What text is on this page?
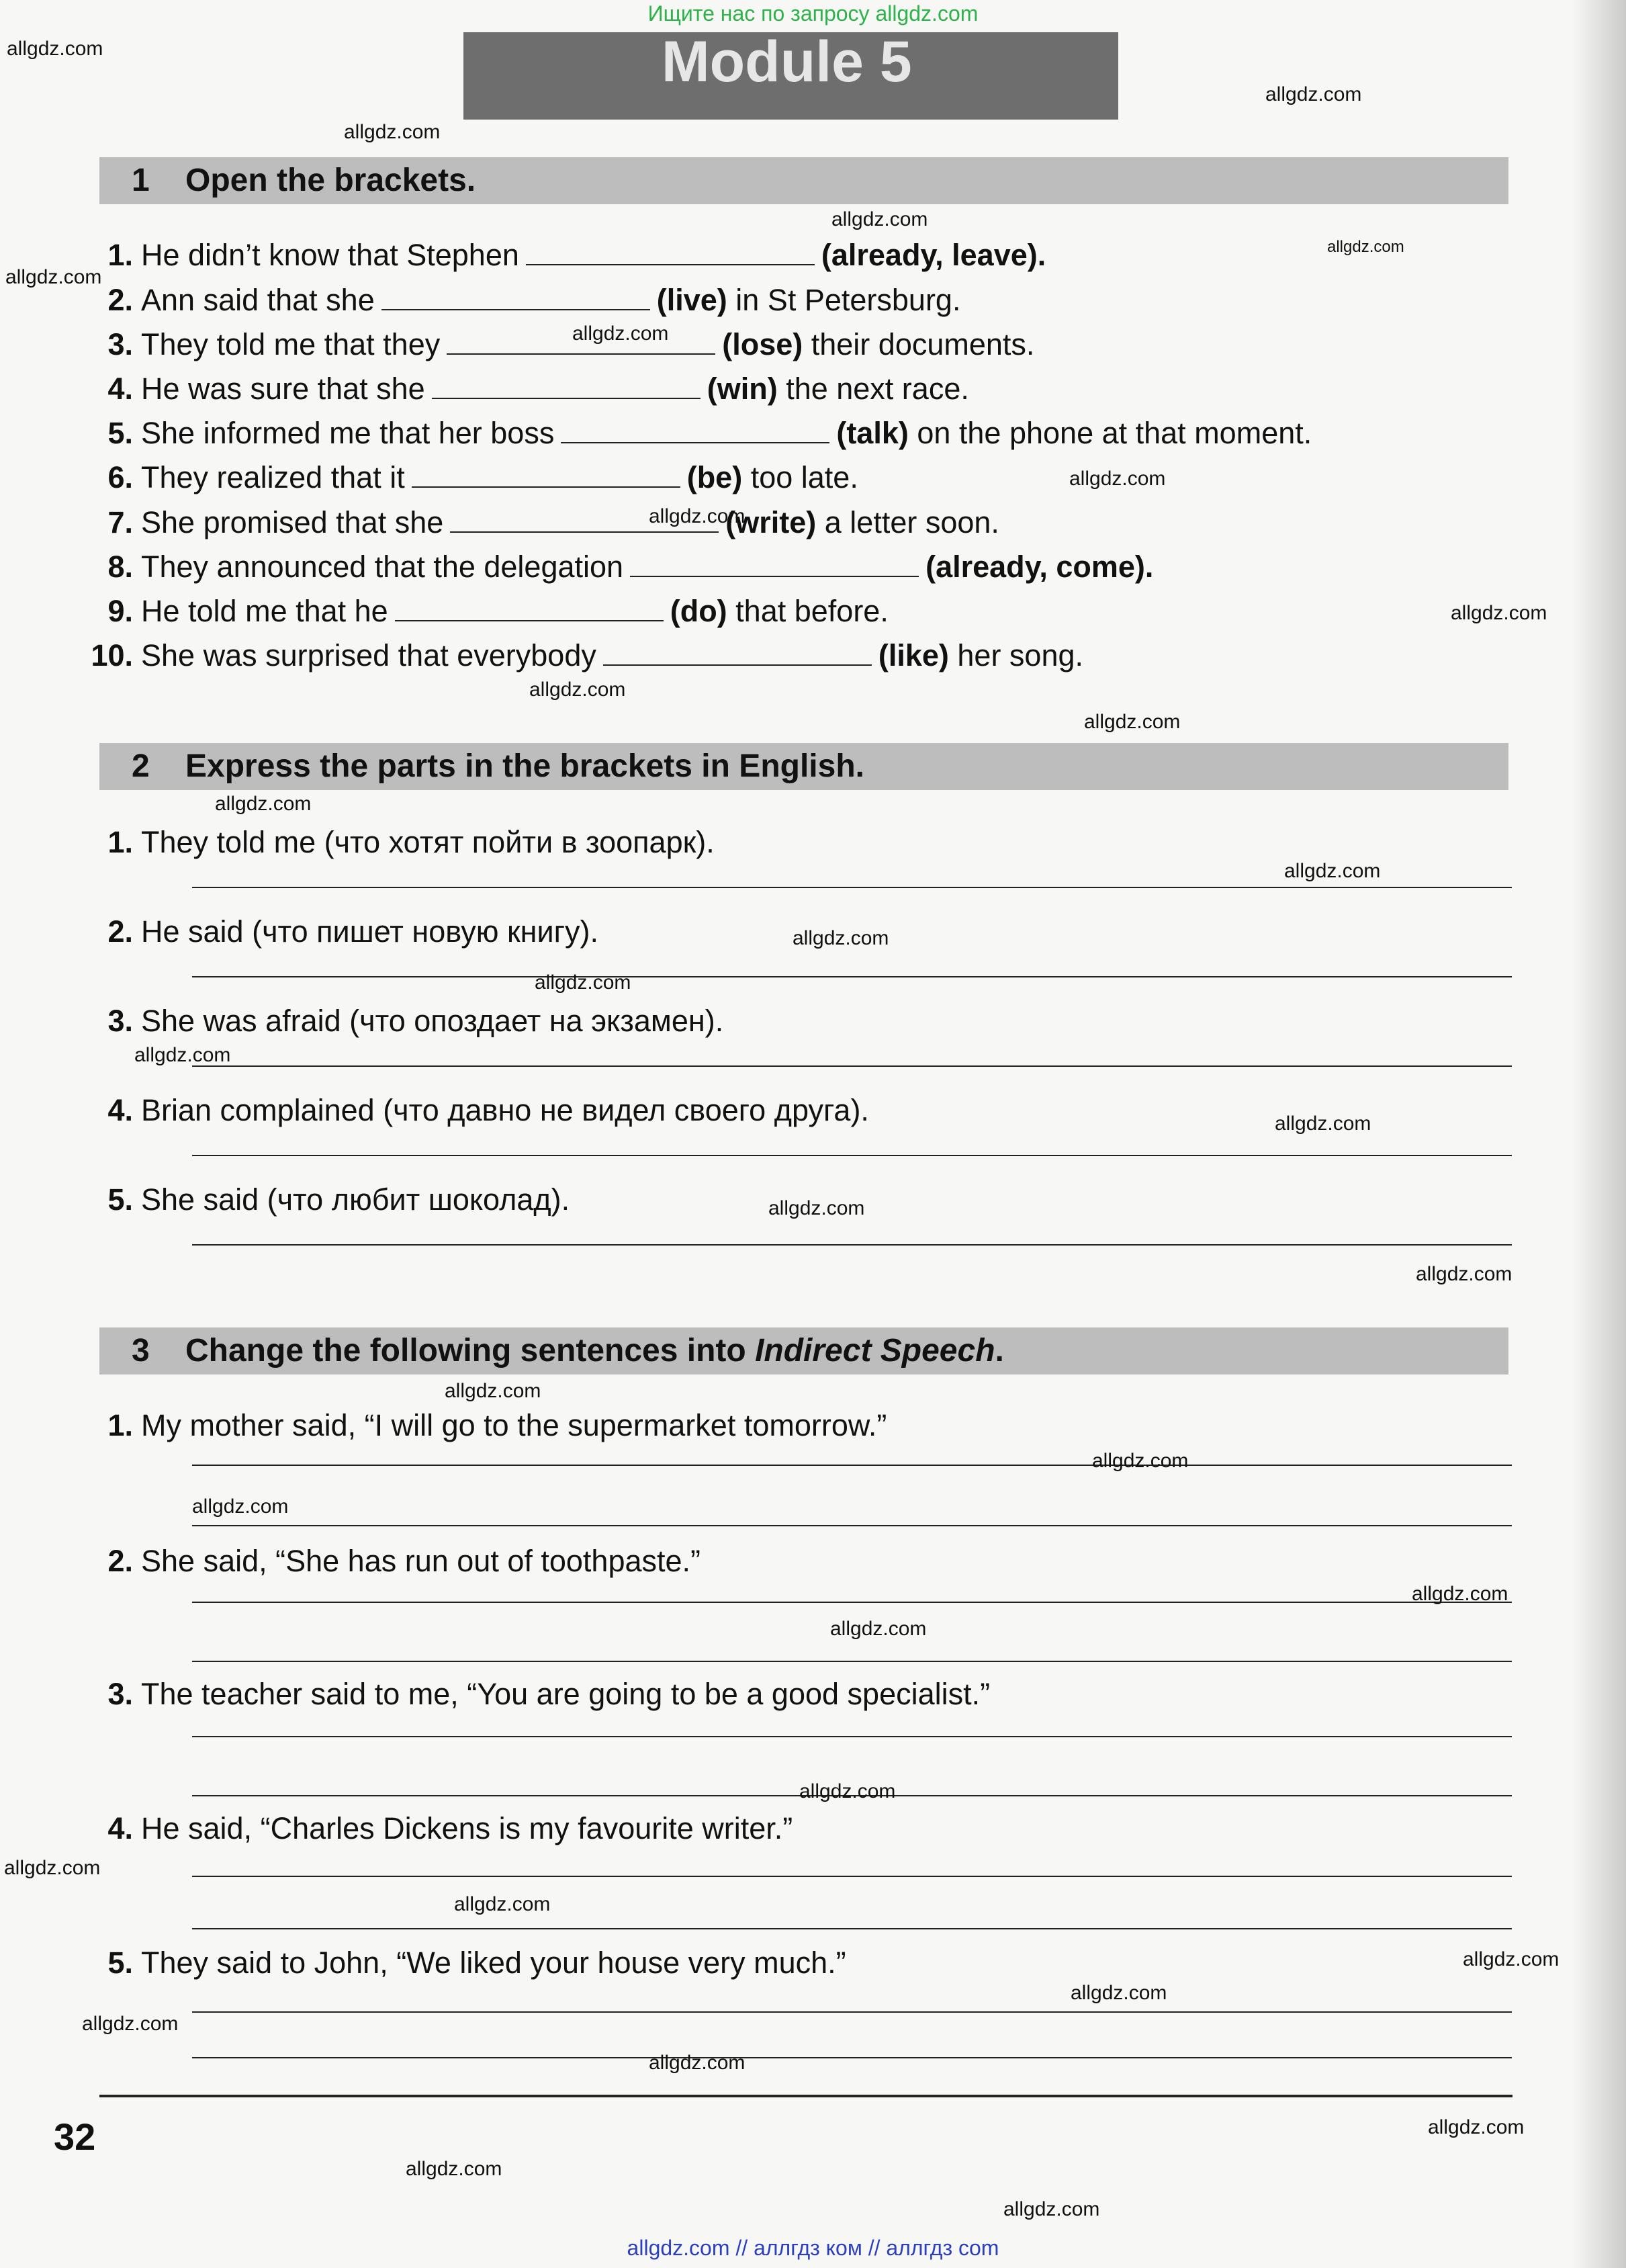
Ищите нас по запросу allgdz.com
Module 5
1 Open the brackets.
1. He didn’t know that Stephen	(already, leave).
2. Ann said that she	(live) in St Petersburg.
3. They told me that they	(lose) their documents.
4. He was sure that she	(win) the next race.
5. She informed me that her boss	(talk) on the phone at that moment.
6. They realized that it	(be) too late.
7. She promised that she	(write) a letter soon.
8. They announced that the delegation	(already, come).
9. He told me that he	(do) that before.
10. She was surprised that everybody	(like) her song.
2 Express the parts in the brackets in English.
1. They told me (что хотят пойти в зоопарк).
2. He said (что пишет новую книгу).
3. She was afraid (что опоздает на экзамен).
4. Brian complained (что давно не видел своего друга).
5. She said (что любит шоколад).
3 Change the following sentences into Indirect Speech.
1. My mother said, “I will go to the supermarket tomorrow.”
2. She said, “She has run out of toothpaste.”
3. The teacher said to me, “You are going to be a good specialist.”
4. He said, “Charles Dickens is my favourite writer.”
5. They said to John, “We liked your house very much.”
32
allgdz.com
allgdz.com
allgdz.com
allgdz.com
allgdz.com
allgdz.com
allgdz.com
allgdz.com
allgdz.com
allgdz.com
allgdz.com
allgdz.com
allgdz.com
allgdz.com
allgdz.com
allgdz.com
allgdz.com
allgdz.com
allgdz.com
allgdz.com
allgdz.com
allgdz.com
allgdz.com
allgdz.com
allgdz.com
allgdz.com
allgdz.com
allgdz.com
allgdz.com
allgdz.com
allgdz.com
allgdz.com
allgdz.com
allgdz.com
allgdz.com
allgdz.com // аллгдз ком // аллгдз com
